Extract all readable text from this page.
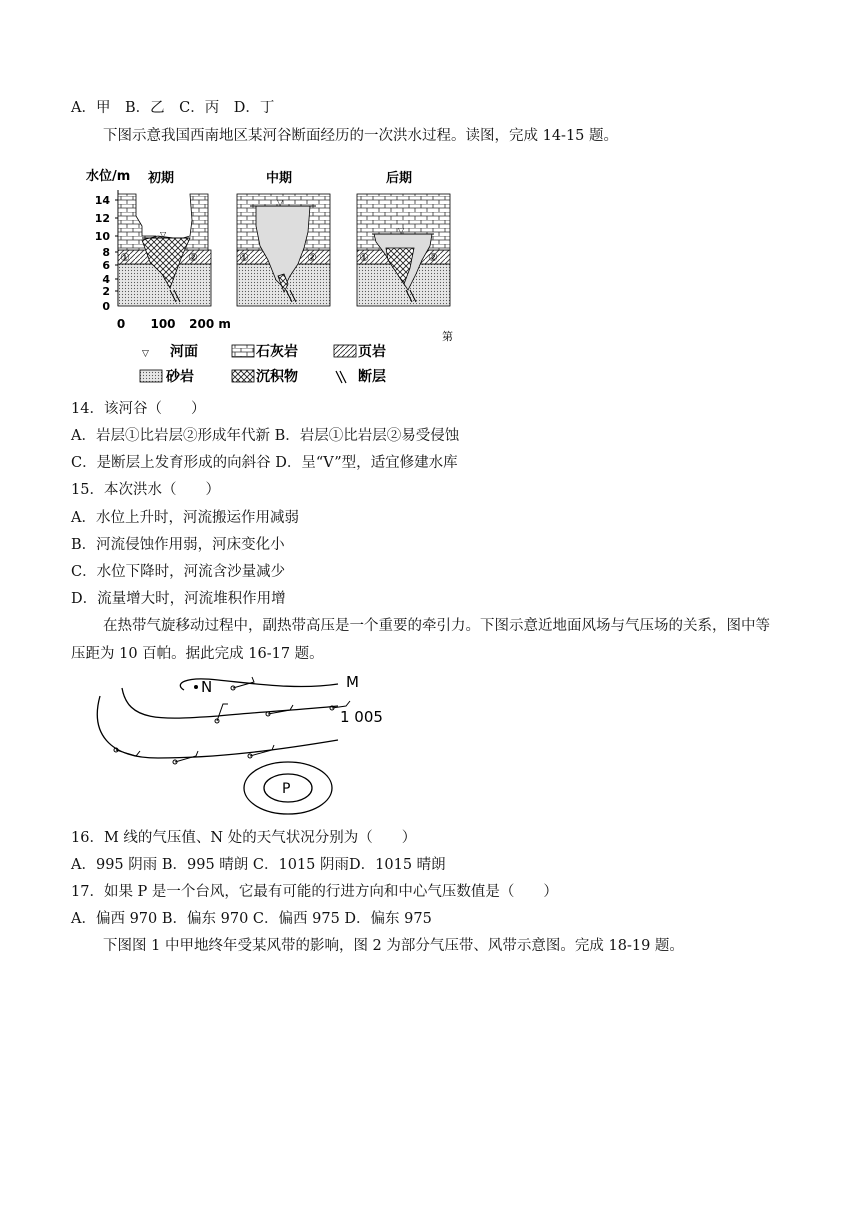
A．甲　B．乙　C．丙　D．丁
下图示意我国西南地区某河谷断面经历的一次洪水过程。读图，完成 14-15 题。
水位/m
14
12
10
8
6
4
2
0
0 100 200 m
初期
▽
①	②
中期
▽
①	②
后期
▽
①	②
第
▽ 河面	石灰岩	页岩
砂岩	沉积物	断层
14．该河谷（　　）
A．岩层①比岩层②形成年代新 B．岩层①比岩层②易受侵蚀
C．是断层上发育形成的向斜谷 D．呈“V”型，适宜修建水库
15．本次洪水（　　）
A．水位上升时，河流搬运作用减弱
B．河流侵蚀作用弱，河床变化小
C．水位下降时，河流含沙量减少
D．流量增大时，河流堆积作用增
在热带气旋移动过程中，副热带高压是一个重要的牵引力。下图示意近地面风场与气压场的关系，图中等
压距为 10 百帕。据此完成 16-17 题。
N	M
1 005
P
16．M 线的气压值、N 处的天气状况分别为（　　）
A．995 阴雨 B．995 晴朗 C．1015 阴雨D．1015 晴朗
17．如果 P 是一个台风，它最有可能的行进方向和中心气压数值是（　　）
A．偏西 970 B．偏东 970 C．偏西 975 D．偏东 975
下图图 1 中甲地终年受某风带的影响，图 2 为部分气压带、风带示意图。完成 18-19 题。
